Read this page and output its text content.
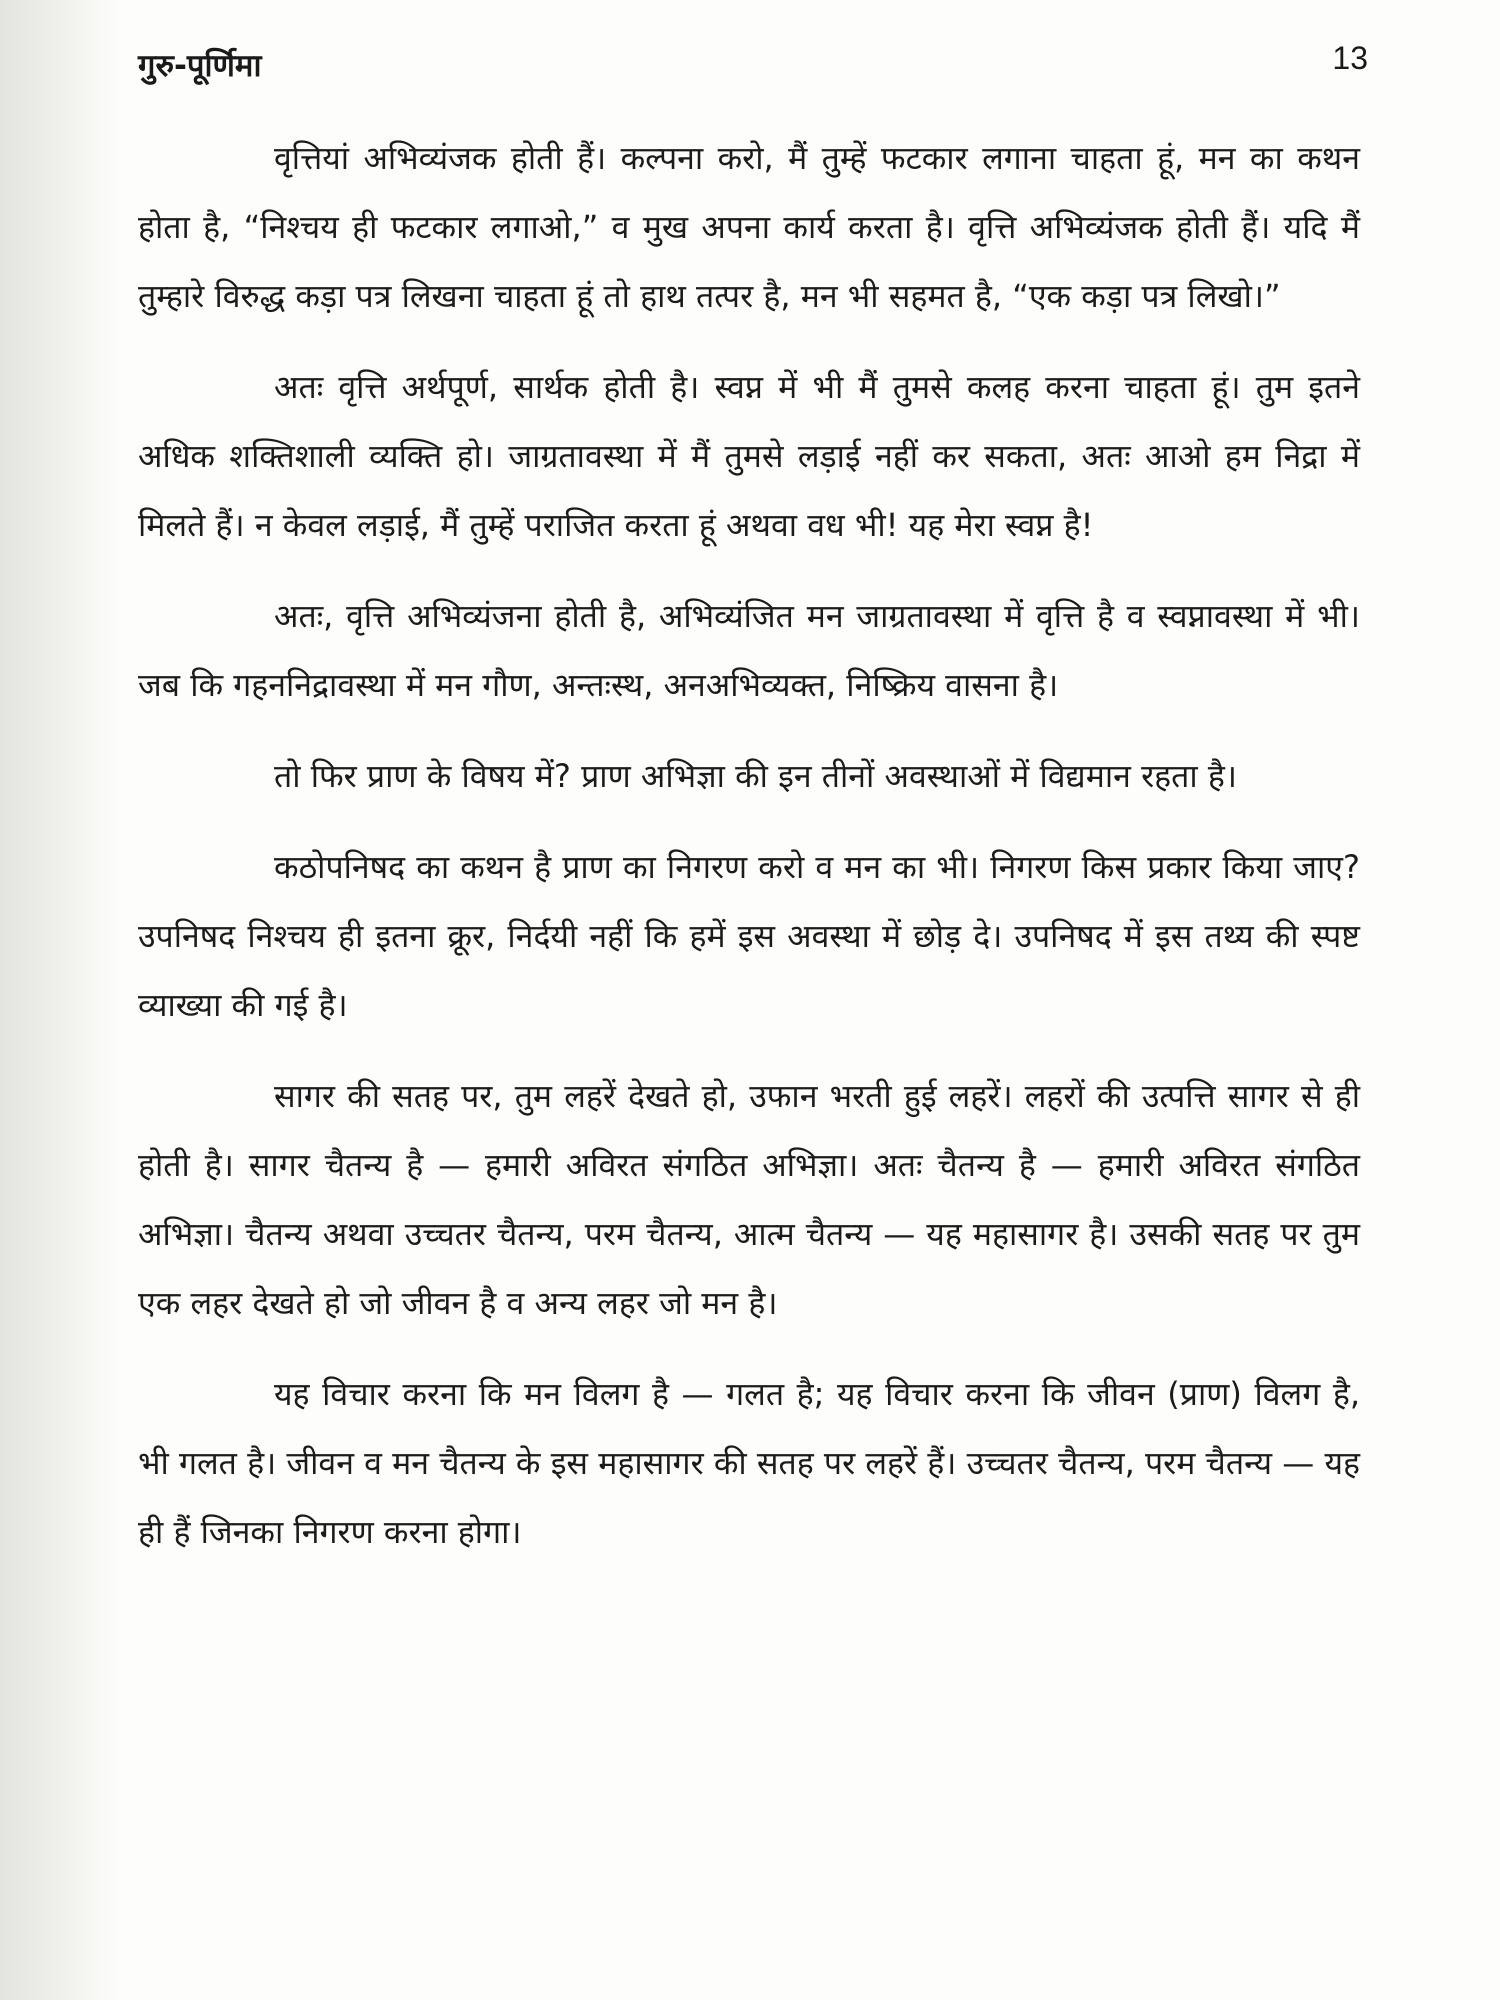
गुरु-पूर्णिमा	13

वृत्तियां अभिव्यंजक होती हैं। कल्पना करो, मैं तुम्हें फटकार लगाना चाहता हूं, मन का कथन होता है, “निश्चय ही फटकार लगाओ,” व मुख अपना कार्य करता है। वृत्ति अभिव्यंजक होती हैं। यदि मैं तुम्हारे विरुद्ध कड़ा पत्र लिखना चाहता हूं तो हाथ तत्पर है, मन भी सहमत है, “एक कड़ा पत्र लिखो।”

अतः वृत्ति अर्थपूर्ण, सार्थक होती है। स्वप्न में भी मैं तुमसे कलह करना चाहता हूं। तुम इतने अधिक शक्तिशाली व्यक्ति हो। जाग्रतावस्था में मैं तुमसे लड़ाई नहीं कर सकता, अतः आओ हम निद्रा में मिलते हैं। न केवल लड़ाई, मैं तुम्हें पराजित करता हूं अथवा वध भी! यह मेरा स्वप्न है!

अतः, वृत्ति अभिव्यंजना होती है, अभिव्यंजित मन जाग्रतावस्था में वृत्ति है व स्वप्नावस्था में भी। जब कि गहननिद्रावस्था में मन गौण, अन्तःस्थ, अनअभिव्यक्त, निष्क्रिय वासना है।

तो फिर प्राण के विषय में? प्राण अभिज्ञा की इन तीनों अवस्थाओं में विद्यमान रहता है।

कठोपनिषद का कथन है प्राण का निगरण करो व मन का भी। निगरण किस प्रकार किया जाए? उपनिषद निश्चय ही इतना क्रूर, निर्दयी नहीं कि हमें इस अवस्था में छोड़ दे। उपनिषद में इस तथ्य की स्पष्ट व्याख्या की गई है।

सागर की सतह पर, तुम लहरें देखते हो, उफान भरती हुई लहरें। लहरों की उत्पत्ति सागर से ही होती है। सागर चैतन्य है — हमारी अविरत संगठित अभिज्ञा। अतः चैतन्य है — हमारी अविरत संगठित अभिज्ञा। चैतन्य अथवा उच्चतर चैतन्य, परम चैतन्य, आत्म चैतन्य — यह महासागर है। उसकी सतह पर तुम एक लहर देखते हो जो जीवन है व अन्य लहर जो मन है।

यह विचार करना कि मन विलग है — गलत है; यह विचार करना कि जीवन (प्राण) विलग है, भी गलत है। जीवन व मन चैतन्य के इस महासागर की सतह पर लहरें हैं। उच्चतर चैतन्य, परम चैतन्य — यह ही हैं जिनका निगरण करना होगा।
